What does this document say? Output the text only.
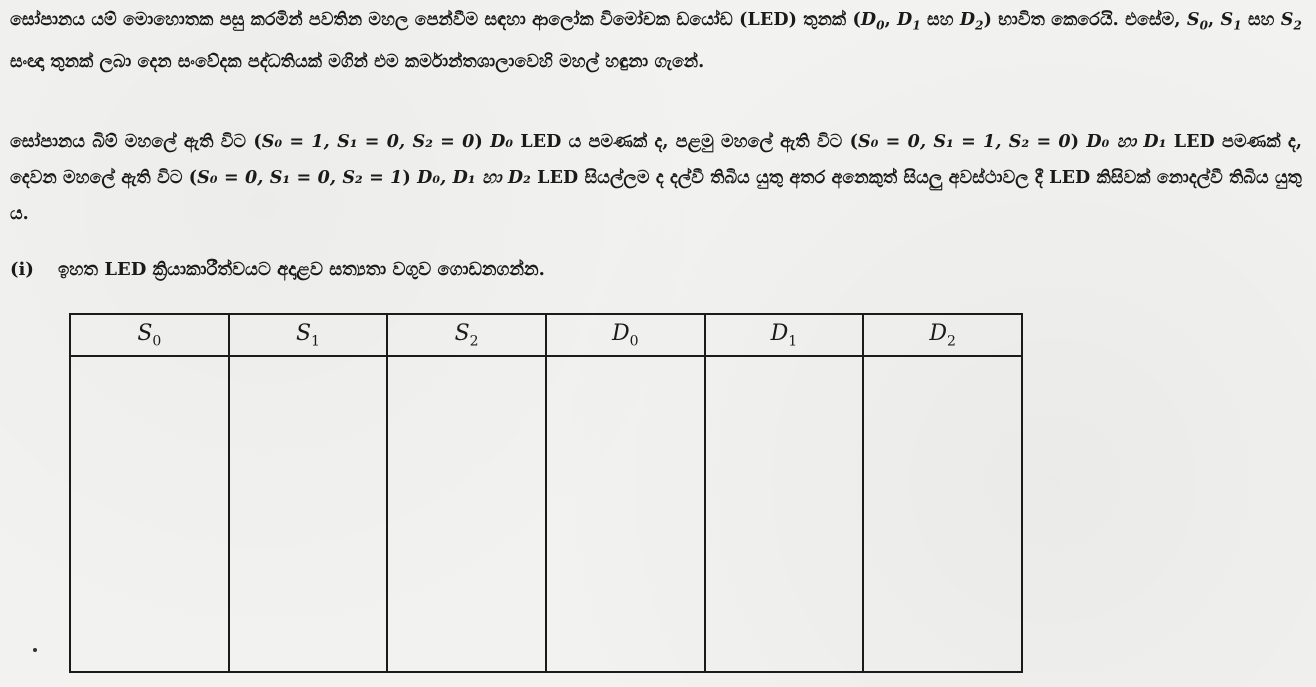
සෝපානය යම් මොහොතක පසු කරමින් පවතින මහල පෙන්වීම සඳහා ආලෝක විමෝචක ඩයෝඩ (LED) තුනක් ($D_0$, $D_1$ සහ $D_2$) භාවිත කෙරෙයි. එසේම, $S_0$, $S_1$ සහ $S_2$ සංඥා තුනක් ලබා දෙන සංවේදක පද්ධතියක් මගින් එම කර්මාන්තශාලාවෙහි මහල් හඳුනා ගැනේ.
සෝපානය බිම් මහලේ ඇති විට (S₀ = 1, S₁ = 0, S₂ = 0) D₀ LED ය පමණක් ද, පළමු මහලේ ඇති විට (S₀ = 0, S₁ = 1, S₂ = 0) D₀ හා D₁ LED පමණක් ද, දෙවන මහලේ ඇති විට (S₀ = 0, S₁ = 0, S₂ = 1) D₀, D₁ හා D₂ LED සියල්ලම ද දල්වී තිබිය යුතු අතර අනෙකුත් සියලු අවස්ථාවල දී LED කිසිවක් නොදල්වී තිබිය යුතු ය.
(i) ඉහත LED ක්‍රියාකාරීත්වයට අදාළව සත්‍යතා වගුව ගොඩනගන්න.
$S_0$	$S_1$	$S_2$	$D_0$	$D_1$	$D_2$
